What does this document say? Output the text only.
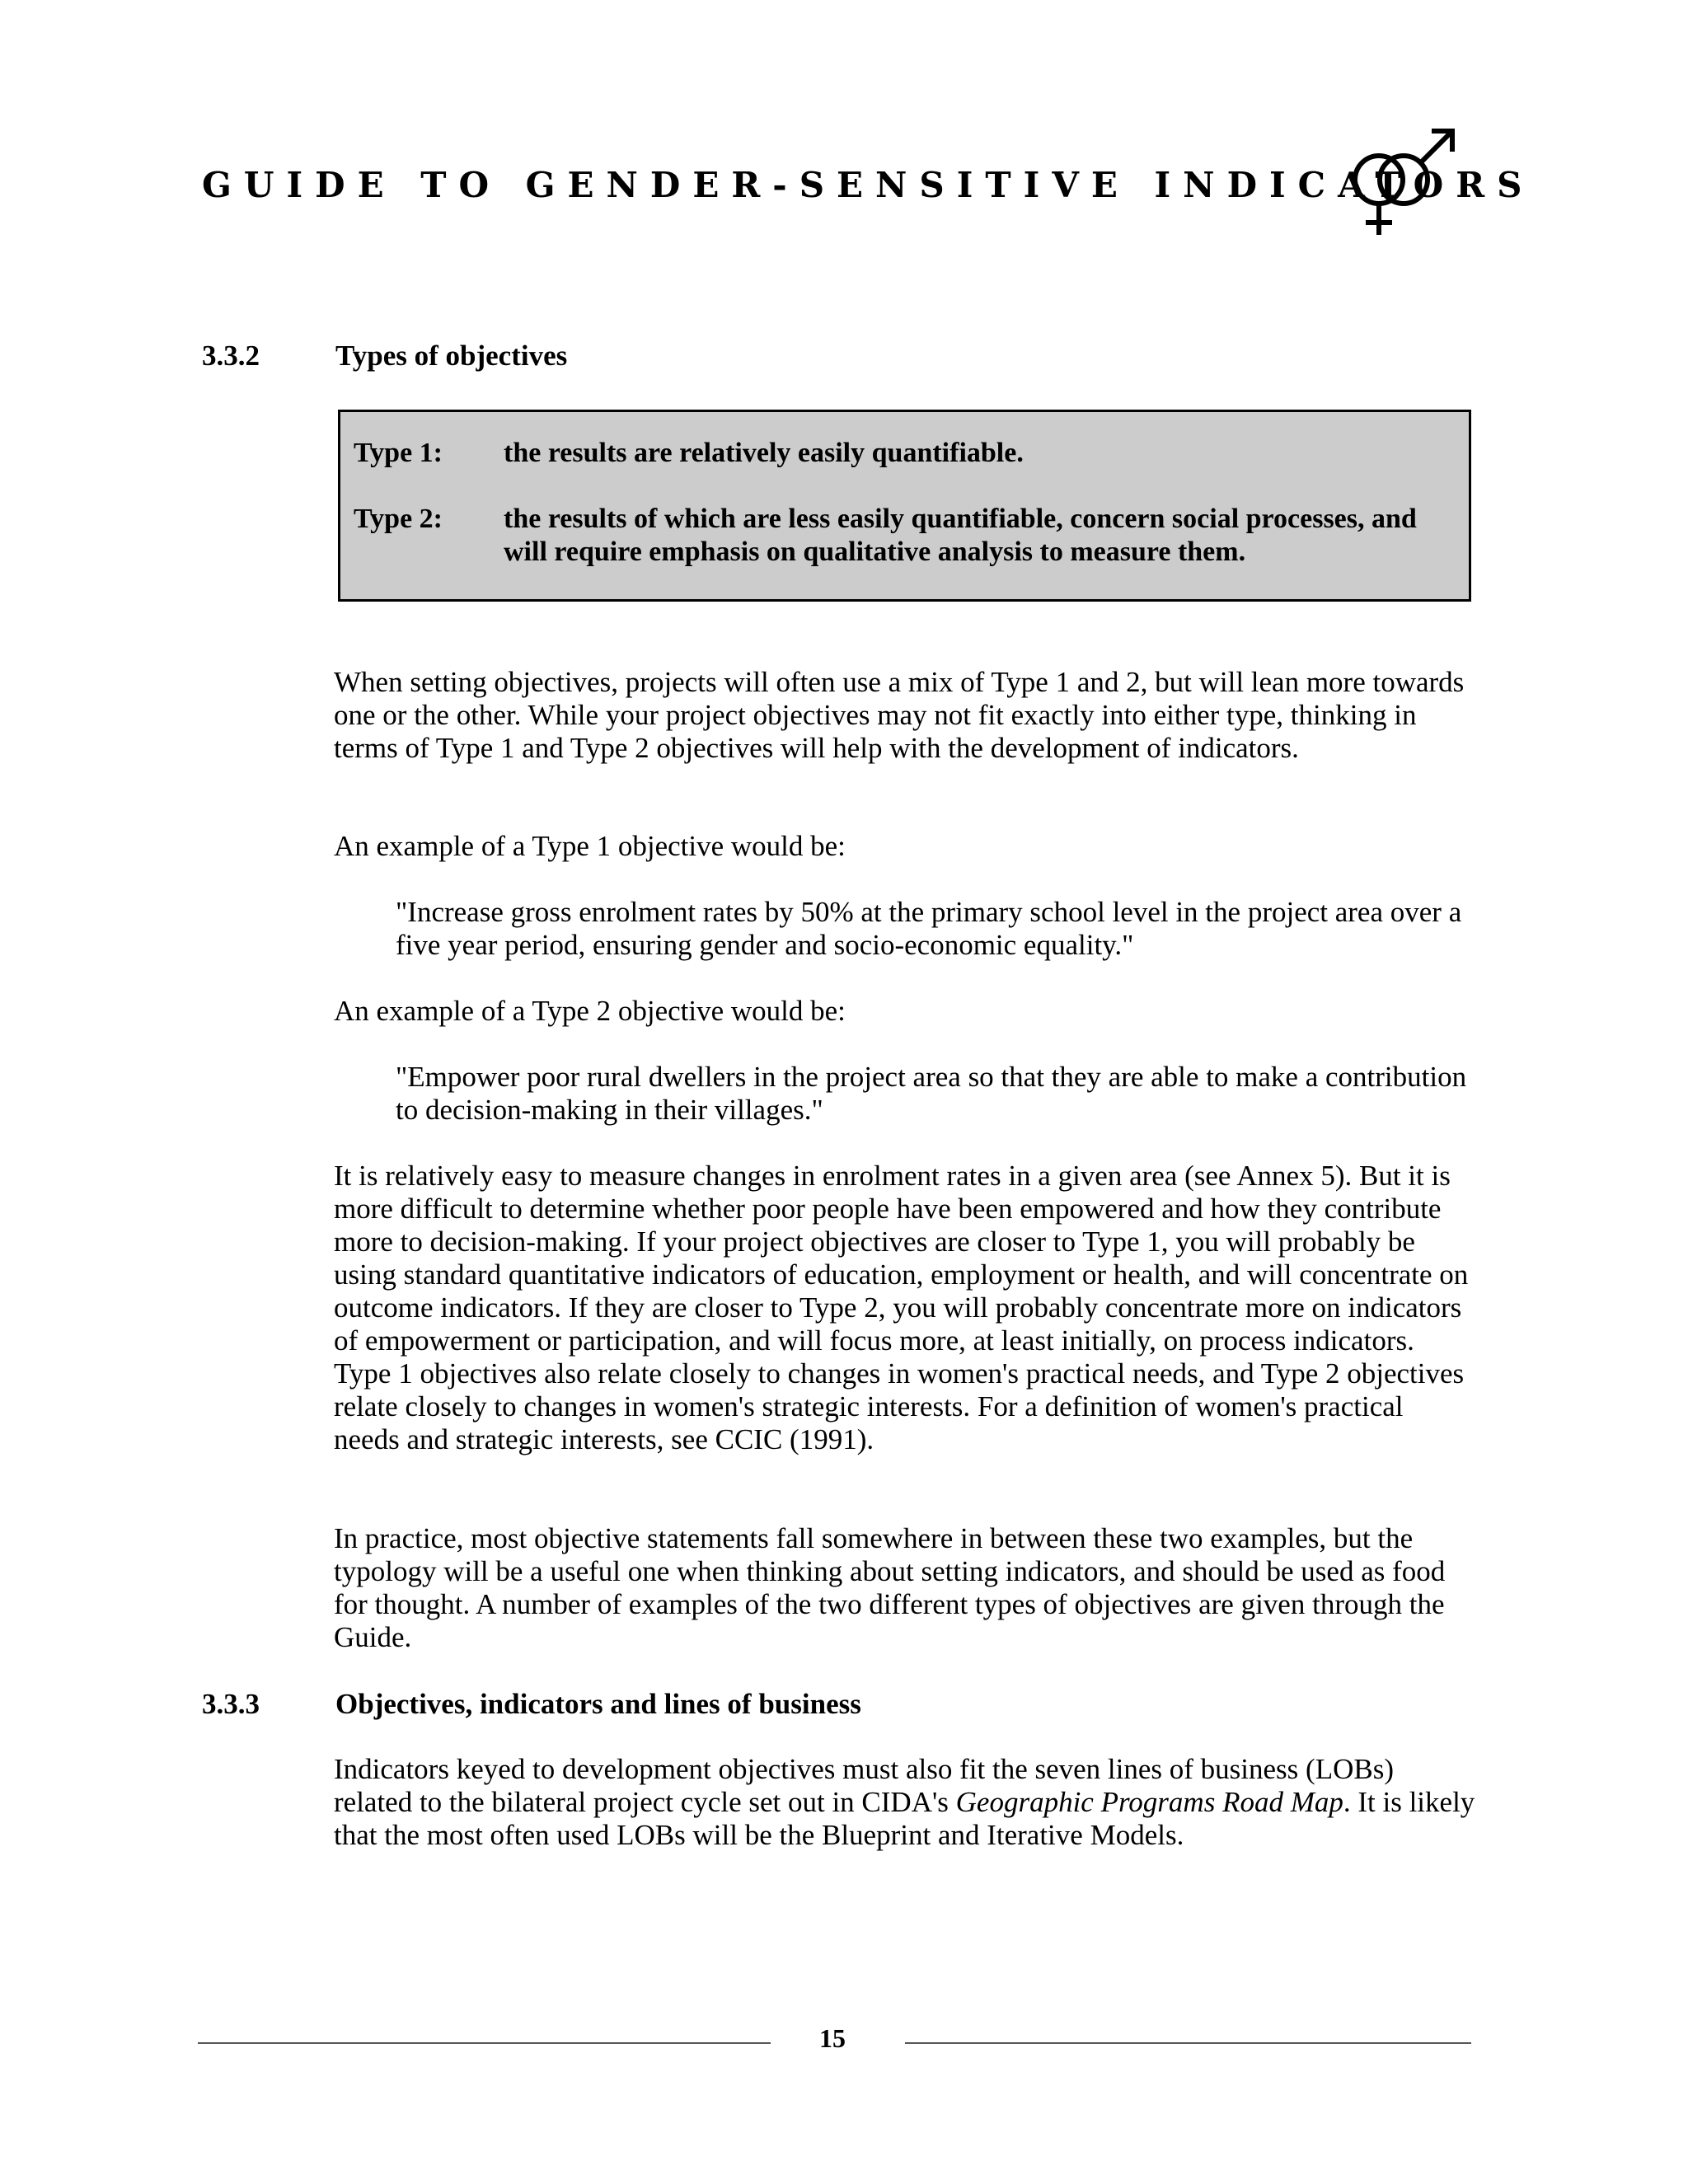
GUIDE TO GENDER-SENSITIVE INDICATORS
3.3.2	Types of objectives
Type 1: the results are relatively easily quantifiable.
Type 2: the results of which are less easily quantifiable, concern social processes, and will require emphasis on qualitative analysis to measure them.

When setting objectives, projects will often use a mix of Type 1 and 2, but will lean more towards one or the other. While your project objectives may not fit exactly into either type, thinking in terms of Type 1 and Type 2 objectives will help with the development of indicators.

An example of a Type 1 objective would be:

"Increase gross enrolment rates by 50% at the primary school level in the project area over a five year period, ensuring gender and socio-economic equality."

An example of a Type 2 objective would be:

"Empower poor rural dwellers in the project area so that they are able to make a contribution to decision-making in their villages."

It is relatively easy to measure changes in enrolment rates in a given area (see Annex 5). But it is more difficult to determine whether poor people have been empowered and how they contribute more to decision-making. If your project objectives are closer to Type 1, you will probably be using standard quantitative indicators of education, employment or health, and will concentrate on outcome indicators. If they are closer to Type 2, you will probably concentrate more on indicators of empowerment or participation, and will focus more, at least initially, on process indicators. Type 1 objectives also relate closely to changes in women's practical needs, and Type 2 objectives relate closely to changes in women's strategic interests. For a definition of women's practical needs and strategic interests, see CCIC (1991).

In practice, most objective statements fall somewhere in between these two examples, but the typology will be a useful one when thinking about setting indicators, and should be used as food for thought. A number of examples of the two different types of objectives are given through the Guide.

3.3.3	Objectives, indicators and lines of business

Indicators keyed to development objectives must also fit the seven lines of business (LOBs) related to the bilateral project cycle set out in CIDA's Geographic Programs Road Map. It is likely that the most often used LOBs will be the Blueprint and Iterative Models.

15
